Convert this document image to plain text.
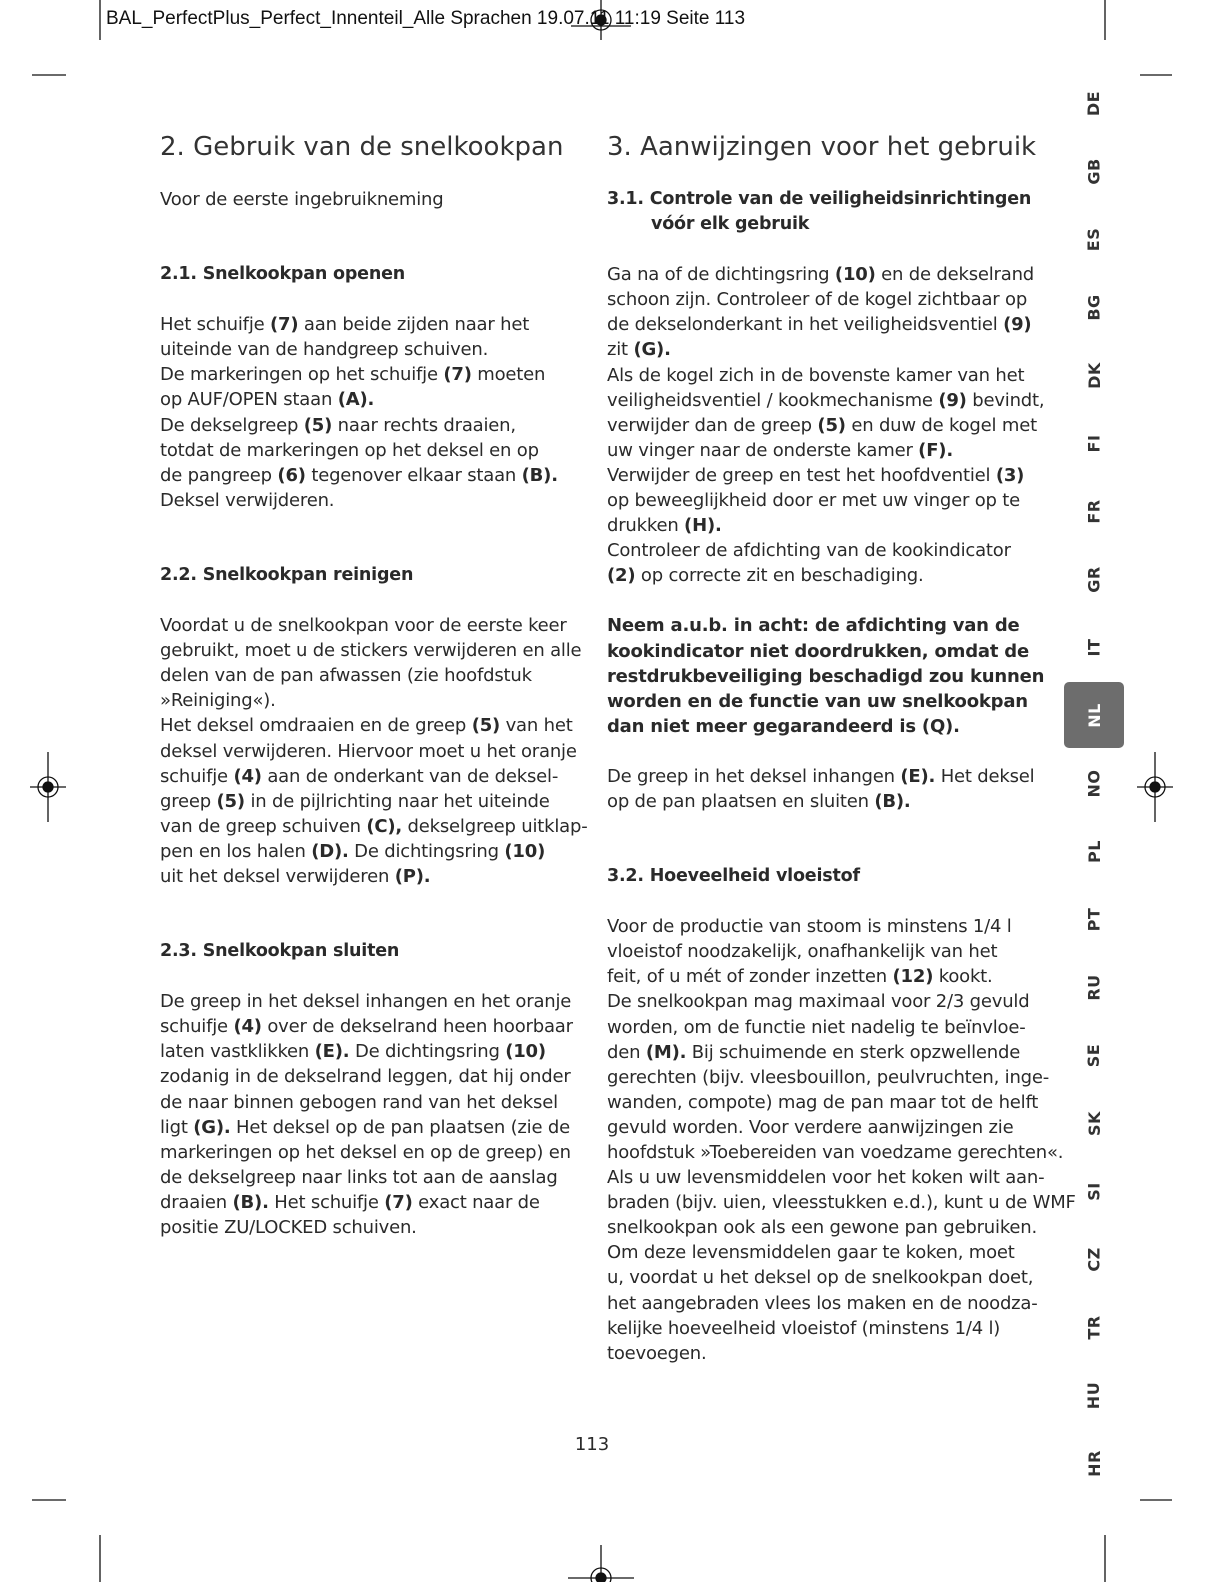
BAL_PerfectPlus_Perfect_Innenteil_Alle Sprachen 19.07.11 11:19 Seite 113
2. Gebruik van de snelkookpan
Voor de eerste ingebruikneming
2.1. Snelkookpan openen
Het schuifje (7) aan beide zijden naar het
uiteinde van de handgreep schuiven.
De markeringen op het schuifje (7) moeten
op AUF/OPEN staan (A).
De dekselgreep (5) naar rechts draaien,
totdat de markeringen op het deksel en op
de pangreep (6) tegenover elkaar staan (B).
Deksel verwijderen.
2.2. Snelkookpan reinigen
Voordat u de snelkookpan voor de eerste keer
gebruikt, moet u de stickers verwijderen en alle
delen van de pan afwassen (zie hoofdstuk
»Reiniging«).
Het deksel omdraaien en de greep (5) van het
deksel verwijderen. Hiervoor moet u het oranje
schuifje (4) aan de onderkant van de deksel-
greep (5) in de pijlrichting naar het uiteinde
van de greep schuiven (C), dekselgreep uitklap-
pen en los halen (D). De dichtingsring (10)
uit het deksel verwijderen (P).
2.3. Snelkookpan sluiten
De greep in het deksel inhangen en het oranje
schuifje (4) over de dekselrand heen hoorbaar
laten vastklikken (E). De dichtingsring (10)
zodanig in de dekselrand leggen, dat hij onder
de naar binnen gebogen rand van het deksel
ligt (G). Het deksel op de pan plaatsen (zie de
markeringen op het deksel en op de greep) en
de dekselgreep naar links tot aan de aanslag
draaien (B). Het schuifje (7) exact naar de
positie ZU/LOCKED schuiven.
3. Aanwijzingen voor het gebruik
3.1. Controle van de veiligheidsinrichtingen
vóór elk gebruik
Ga na of de dichtingsring (10) en de dekselrand
schoon zijn. Controleer of de kogel zichtbaar op
de dekselonderkant in het veiligheidsventiel (9)
zit (G).
Als de kogel zich in de bovenste kamer van het
veiligheidsventiel / kookmechanisme (9) bevindt,
verwijder dan de greep (5) en duw de kogel met
uw vinger naar de onderste kamer (F).
Verwijder de greep en test het hoofdventiel (3)
op beweeglijkheid door er met uw vinger op te
drukken (H).
Controleer de afdichting van de kookindicator
(2) op correcte zit en beschadiging.
Neem a.u.b. in acht: de afdichting van de
kookindicator niet doordrukken, omdat de
restdrukbeveiliging beschadigd zou kunnen
worden en de functie van uw snelkookpan
dan niet meer gegarandeerd is (Q).
De greep in het deksel inhangen (E). Het deksel
op de pan plaatsen en sluiten (B).
3.2. Hoeveelheid vloeistof
Voor de productie van stoom is minstens 1/4 l
vloeistof noodzakelijk, onafhankelijk van het
feit, of u mét of zonder inzetten (12) kookt.
De snelkookpan mag maximaal voor 2/3 gevuld
worden, om de functie niet nadelig te beïnvloe-
den (M). Bij schuimende en sterk opzwellende
gerechten (bijv. vleesbouillon, peulvruchten, inge-
wanden, compote) mag de pan maar tot de helft
gevuld worden. Voor verdere aanwijzingen zie
hoofdstuk »Toebereiden van voedzame gerechten«.
Als u uw levensmiddelen voor het koken wilt aan-
braden (bijv. uien, vleesstukken e.d.), kunt u de WMF
snelkookpan ook als een gewone pan gebruiken.
Om deze levensmiddelen gaar te koken, moet
u, voordat u het deksel op de snelkookpan doet,
het aangebraden vlees los maken en de noodza-
kelijke hoeveelheid vloeistof (minstens 1/4 l)
toevoegen.
113
DE
GB
ES
BG
DK
FI
FR
GR
IT
NL
NO
PL
PT
RU
SE
SK
SI
CZ
TR
HU
HR
